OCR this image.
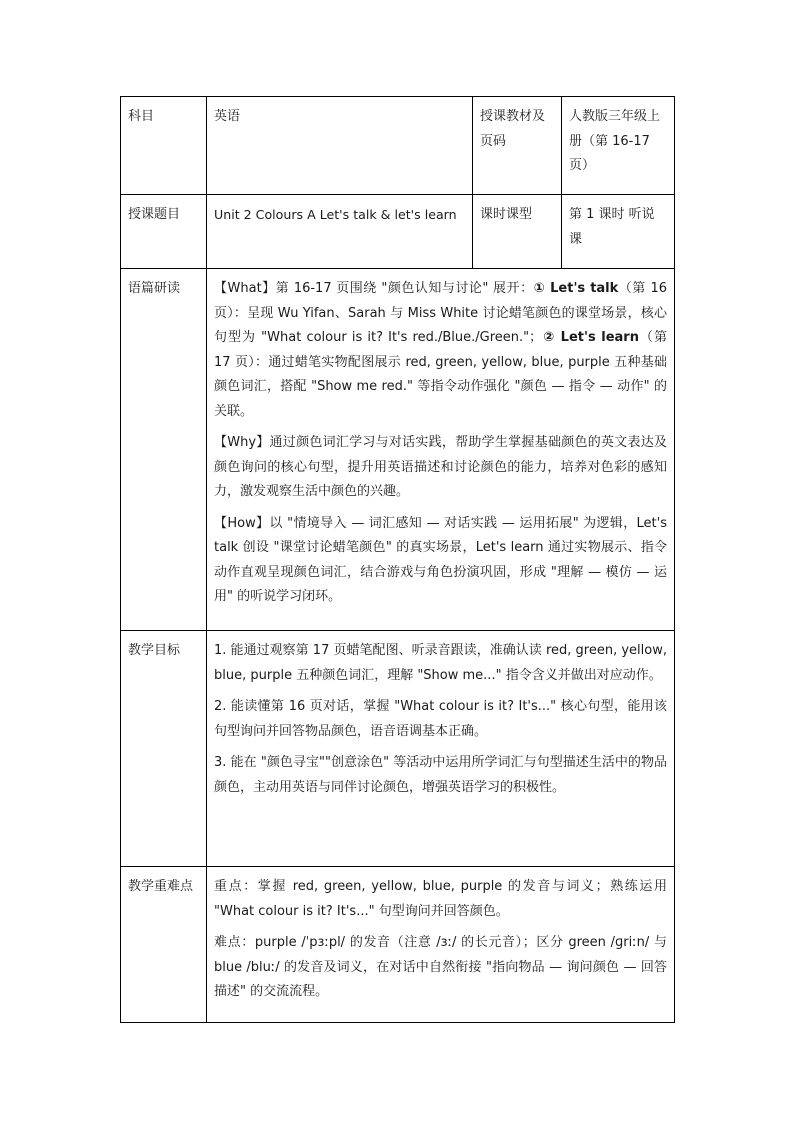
科目	英语	授课教材及页码	人教版三年级上册（第 16-17 页）
授课题目	Unit 2 Colours A Let's talk & let's learn	课时课型	第 1 课时 听说课
语篇研读	【What】第 16-17 页围绕 "颜色认知与讨论" 展开：① Let's talk（第 16 页）：呈现 Wu Yifan、Sarah 与 Miss White 讨论蜡笔颜色的课堂场景，核心句型为 "What colour is it? It's red./Blue./Green."；② Let's learn（第 17 页）：通过蜡笔实物配图展示 red, green, yellow, blue, purple 五种基础颜色词汇，搭配 "Show me red." 等指令动作强化 "颜色 — 指令 — 动作" 的关联。

【Why】通过颜色词汇学习与对话实践，帮助学生掌握基础颜色的英文表达及颜色询问的核心句型，提升用英语描述和讨论颜色的能力，培养对色彩的感知力，激发观察生活中颜色的兴趣。

【How】以 "情境导入 — 词汇感知 — 对话实践 — 运用拓展" 为逻辑，Let's talk 创设 "课堂讨论蜡笔颜色" 的真实场景，Let's learn 通过实物展示、指令动作直观呈现颜色词汇，结合游戏与角色扮演巩固，形成 "理解 — 模仿 — 运用" 的听说学习闭环。		

教学目标	1. 能通过观察第 17 页蜡笔配图、听录音跟读，准确认读 red, green, yellow, blue, purple 五种颜色词汇，理解 "Show me..." 指令含义并做出对应动作。

2. 能读懂第 16 页对话，掌握 "What colour is it? It's..." 核心句型，能用该句型询问并回答物品颜色，语音语调基本正确。

3. 能在 "颜色寻宝""创意涂色" 等活动中运用所学词汇与句型描述生活中的物品颜色，主动用英语与同伴讨论颜色，增强英语学习的积极性。		

教学重难点	重点：掌握 red, green, yellow, blue, purple 的发音与词义；熟练运用 "What colour is it? It's..." 句型询问并回答颜色。

难点：purple /ˈpɜːpl/ 的发音（注意 /ɜː/ 的长元音）；区分 green /ɡriːn/ 与 blue /bluː/ 的发音及词义，在对话中自然衔接 "指向物品 — 询问颜色 — 回答描述" 的交流流程。		
